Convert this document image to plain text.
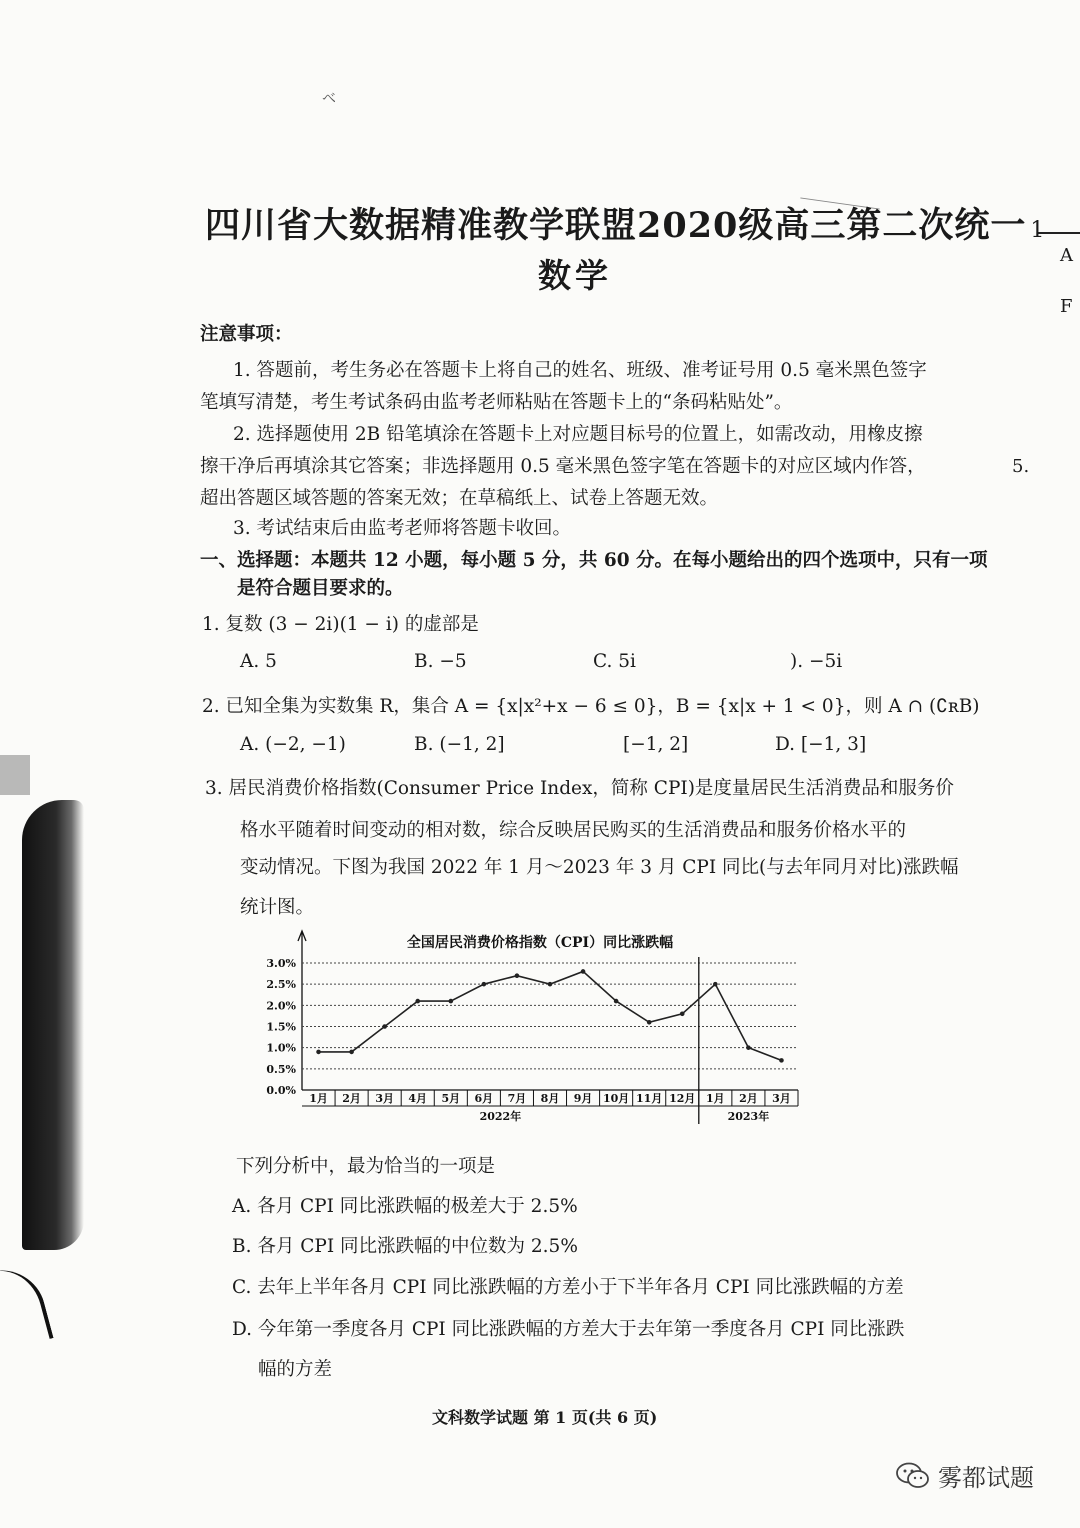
ベ
A
F
5.
四川省大数据精准教学联盟2020级高三第二次统一 1
数学
注意事项：
1. 答题前，考生务必在答题卡上将自己的姓名、班级、准考证号用 0.5 毫米黑色签字
笔填写清楚，考生考试条码由监考老师粘贴在答题卡上的“条码粘贴处”。
2. 选择题使用 2B 铅笔填涂在答题卡上对应题目标号的位置上，如需改动，用橡皮擦
擦干净后再填涂其它答案；非选择题用 0.5 毫米黑色签字笔在答题卡的对应区域内作答，
超出答题区域答题的答案无效；在草稿纸上、试卷上答题无效。
3. 考试结束后由监考老师将答题卡收回。
一、选择题：本题共 12 小题，每小题 5 分，共 60 分。在每小题给出的四个选项中，只有一项
是符合题目要求的。
1. 复数 (3 − 2i)(1 − i) 的虚部是
A. 5	B. −5	C. 5i	). −5i
2. 已知全集为实数集 R，集合 A = {x|x²+x − 6 ≤ 0}，B = {x|x + 1 < 0}，则 A ∩ (∁ʀB)
A. (−2, −1)	B. (−1, 2]	[−1, 2]	D. [−1, 3]
3. 居民消费价格指数(Consumer Price Index，简称 CPI)是度量居民生活消费品和服务价
格水平随着时间变动的相对数，综合反映居民购买的生活消费品和服务价格水平的
变动情况。下图为我国 2022 年 1 月～2023 年 3 月 CPI 同比(与去年同月对比)涨跌幅
统计图。
全国居民消费价格指数（CPI）同比涨跌幅
3.0%
2.5%
2.0%
1.5%
1.0%
0.5%
0.0%
1月 2月 3月 4月 5月 6月 7月 8月 9月 10月 11月 12月 1月 2月 3月
2022年	2023年
下列分析中，最为恰当的一项是
A. 各月 CPI 同比涨跌幅的极差大于 2.5%
B. 各月 CPI 同比涨跌幅的中位数为 2.5%
C. 去年上半年各月 CPI 同比涨跌幅的方差小于下半年各月 CPI 同比涨跌幅的方差
D. 今年第一季度各月 CPI 同比涨跌幅的方差大于去年第一季度各月 CPI 同比涨跌
幅的方差
文科数学试题 第 1 页(共 6 页)
雾都试题
